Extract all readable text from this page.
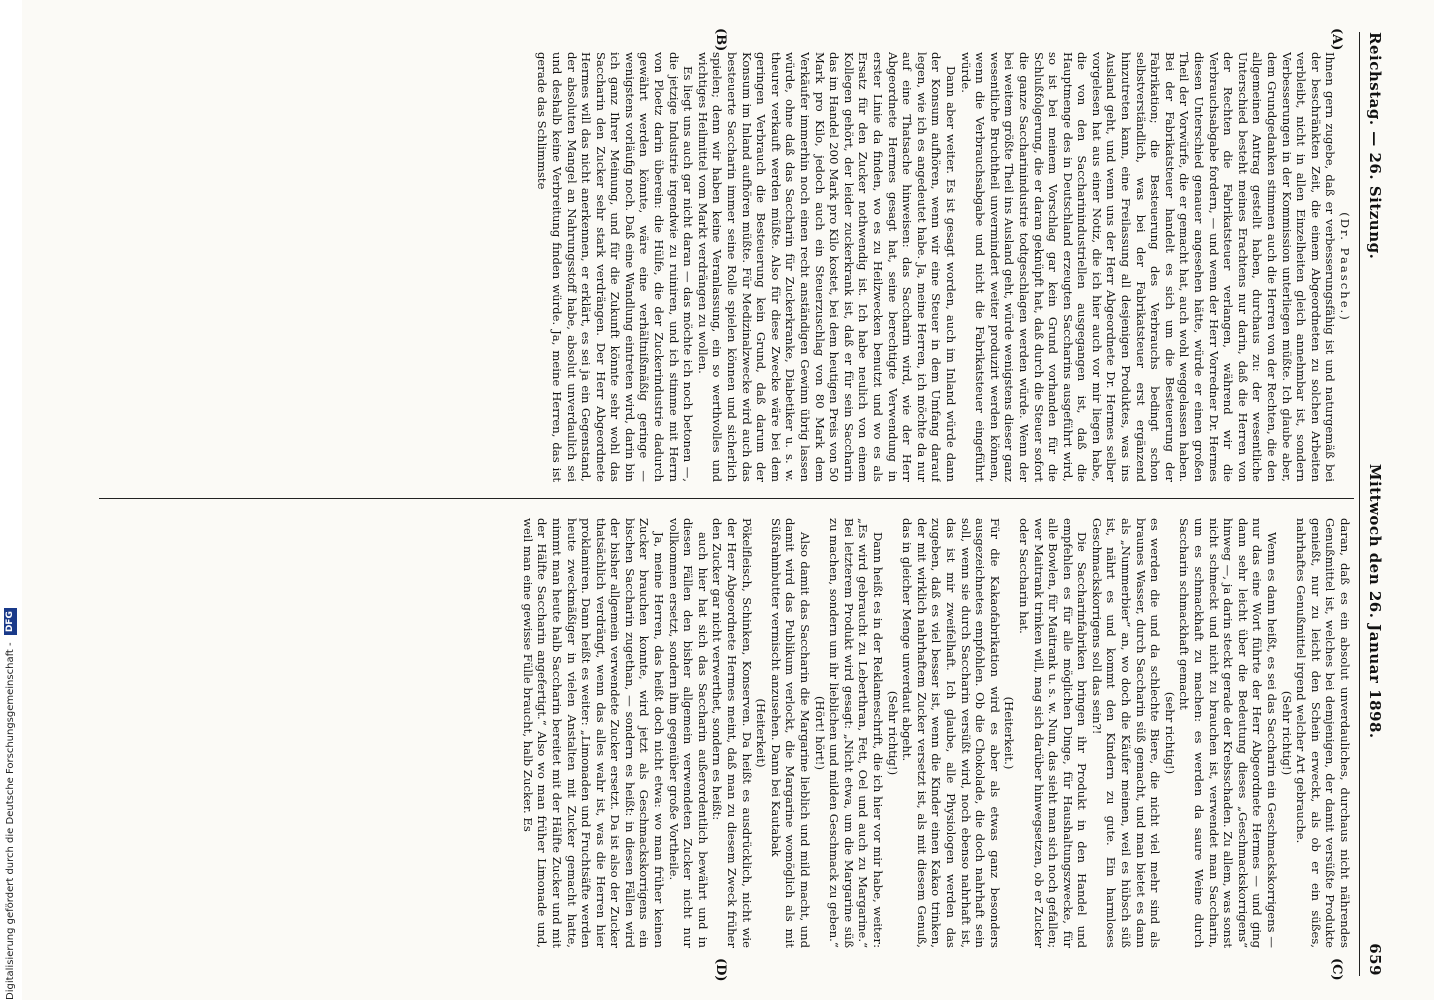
Reichstag. — 26. Sitzung.
Mittwoch den 26. Januar 1898.
659
(A)
(B)
(C)
(D)

(Dr. Paasche.)

Ihnen gern zugebe, daß er verbesserungsfähig ist und naturgemäß bei der beschränkten Zeit, die einem Abgeordneten zu solchen Arbeiten verbleibt, nicht in allen Einzelheiten gleich annehmbar ist, sondern Verbesserungen in der Kommission unterliegen müßte. Ich glaube aber, dem Grundgedanken stimmen auch die Herren von der Rechten, die den allgemeinen Antrag gestellt haben, durchaus zu: der wesentliche Unterschied besteht meines Erachtens nur darin, daß die Herren von der Rechten die Fabrikatsteuer verlangen, während wir die Verbrauchsabgabe fordern, — und wenn der Herr Vorredner Dr. Hermes diesen Unterschied genauer angesehen hätte, würde er einen großen Theil der Vorwürfe, die er gemacht hat, auch wohl weggelassen haben. Bei der Fabrikatsteuer handelt es sich um die Besteuerung der Fabrikation; die Besteuerung des Verbrauchs bedingt schon selbstverständlich, was bei der Fabrikatsteuer erst ergänzend hinzutreten kann, eine Freilassung all desjenigen Produktes, was ins Ausland geht, und wenn uns der Herr Abgeordnete Dr. Hermes selber vorgelesen hat aus einer Notiz, die ich hier auch vor mir liegen habe, die von den Saccharinindustriellen ausgegangen ist, daß die Hauptmenge des in Deutschland erzeugten Saccharins ausgeführt wird, so ist bei meinem Vorschlag gar kein Grund vorhanden für die Schlußfolgerung, die er daran geknüpft hat, daß durch die Steuer sofort die ganze Saccharinindustrie todtgeschlagen werden würde. Wenn der bei weitem größte Theil ins Ausland geht, würde wenigstens dieser ganz wesentliche Bruchtheil unvermindert weiter produzirt werden können, wenn die Verbrauchsabgabe und nicht die Fabrikatsteuer eingeführt würde.

Dann aber weiter. Es ist gesagt worden, auch im Inland würde dann der Konsum aufhören, wenn wir eine Steuer in dem Umfang darauf legen, wie ich es angedeutet habe. Ja, meine Herren, ich möchte da nur auf eine Thatsache hinweisen: das Saccharin wird, wie der Herr Abgeordnete Hermes gesagt hat, seine berechtigte Verwendung in erster Linie da finden, wo es zu Heilzwecken benutzt und wo es als Ersatz für den Zucker nothwendig ist. Ich habe neulich von einem Kollegen gehört, der leider zuckerkrank ist, daß er für sein Saccharin das im Handel 200 Mark pro Kilo kostet, bei dem heutigen Preis von 50 Mark pro Kilo, jedoch auch ein Steuerzuschlag von 80 Mark dem Verkäufer immerhin noch einen recht anständigen Gewinn übrig lassen würde, ohne daß das Saccharin für Zuckerkranke, Diabetiker u. s. w. theurer verkauft werden müßte. Also für diese Zwecke wäre bei dem geringen Verbrauch die Besteuerung kein Grund, daß darum der Konsum im Inland aufhören müßte. Für Medizinalzwecke wird auch das besteuerte Saccharin immer seine Rolle spielen können und sicherlich spielen; denn wir haben keine Veranlassung, ein so werthvolles und wichtiges Heilmittel vom Markt verdrängen zu wollen.

Es liegt uns auch gar nicht daran — das möchte ich noch betonen —, die jetzige Industrie irgendwie zu ruiniren, und ich stimme mit Herrn von Ploetz darin überein: die Hülfe, die der Zuckerindustrie dadurch gewährt werden könnte, wäre eine verhältnißmäßig geringe — wenigstens vorläufig noch. Daß eine Wandlung eintreten wird, darin bin ich ganz Ihrer Meinung, und für die Zukunft könnte sehr wohl das Saccharin den Zucker sehr stark verdrängen. Der Herr Abgeordnete Hermes will das nicht anerkennen, er erklärt, es sei ja ein Gegenstand, der absoluten Mangel an Nahrungsstoff habe, absolut unverdaulich sei und deshalb keine Verbreitung finden würde. Ja, meine Herren, das ist gerade das Schlimmste

daran, daß es ein absolut unverdauliches, durchaus nicht nährendes Genußmittel ist, welches bei demjenigen, der damit versüßte Produkte genießt, nur zu leicht den Schein erweckt, als ob er ein süßes, nahrhaftes Genußmittel irgend welcher Art gebrauche.

(Sehr richtig!)

Wenn es dann heißt, es sei das Saccharin ein Geschmackskorrigens — nur das eine Wort führte der Herr Abgeordnete Hermes — und ging dann sehr leicht über die Bedeutung dieses „Geschmackskorrigens“ hinweg —, ja darin steckt gerade der Krebsschaden. Zu allem, was sonst nicht schmeckt und nicht zu brauchen ist, verwendet man Saccharin, um es schmackhaft zu machen: es werden da saure Weine durch Saccharin schmackhaft gemacht

(sehr richtig!)

es werden die und da schlechte Biere, die nicht viel mehr sind als braunes Wasser, durch Saccharin süß gemacht, und man bietet es dann als „Nummerbier“ an, wo doch die Käufer meinen, weil es hübsch süß ist, nährt es und kommt den Kindern zu gute. Ein harmloses Geschmackskorrigens soll das sein?!

Die Saccharinfabriken bringen ihr Produkt in den Handel und empfehlen es für alle möglichen Dinge, für Haushaltungszwecke, für alle Bowlen, für Maitrank u. s. w. Nun, das sieht man sich noch gefallen; wer Maitrank trinken will, mag sich darüber hinwegsetzen, ob er Zucker oder Saccharin hat.

(Heiterkeit.)

Für die Kakaofabrikation wird es aber als etwas ganz besonders ausgezeichnetes empfohlen. Ob die Chokolade, die doch nahrhaft sein soll, wenn sie durch Saccharin versüßt wird, noch ebenso nahrhaft ist, das ist mir zweifelhaft. Ich glaube, alle Physiologen werden das zugeben, daß es viel besser ist, wenn die Kinder einen Kakao trinken, der mit wirklich nahrhaftem Zucker versetzt ist, als mit diesem Genuß, das in gleicher Menge unverdaut abgeht.

(Sehr richtig!)

Dann heißt es in der Reklameschrift, die ich hier vor mir habe, weiter: „Es wird gebraucht zu Leberthran, Fett, Oel und auch zu Margarine.“ Bei letzterem Produkt wird gesagt: „Nicht etwa, um die Margarine süß zu machen, sondern um ihr lieblichen und milden Geschmack zu geben.“

(Hört! hört!)

Also damit das Saccharin die Margarine lieblich und mild macht, und damit wird das Publikum verlockt, die Margarine womöglich als mit Süßrahmbutter vermischt anzusehen. Dann bei Kautabak

(Heiterkeit)

Pökelfleisch, Schinken, Konserven. Da heißt es ausdrücklich, nicht wie der Herr Abgeordnete Hermes meint, daß man zu diesem Zweck früher den Zucker gar nicht verwerthet, sondern es heißt:

auch hier hat sich das Saccharin außerordentlich bewährt und in diesen Fällen den bisher allgemein verwendeten Zucker nicht nur vollkommen ersetzt, sondern ihm gegenüber große Vortheile.

Ja, meine Herren, das heißt doch nicht etwa: wo man früher keinen Zucker brauchen konnte, wird jetzt als Geschmackskorrigens ein bischen Saccharin zugethan, — sondern es heißt: in diesen Fällen wird der bisher allgemein verwendete Zucker ersetzt. Da ist also der Zucker thatsächlich verdrängt, wenn das alles wahr ist, was die Herren hier proklamiren. Dann heißt es weiter: „Limonaden und Fruchtsäfte werden heute zweckmäßiger in vielen Anstalten mit Zucker gemacht hatte, nimmt man heute halb Saccharin bereitet mit der Hälfte Zucker und mit der Hälfte Saccharin angefertigt.“ Also wo man früher Limonade und, weil man eine gewisse Fülle braucht, halb Zucker. Es

Digitalisierung gefördert durch die Deutsche Forschungsgemeinschaft - DFG
